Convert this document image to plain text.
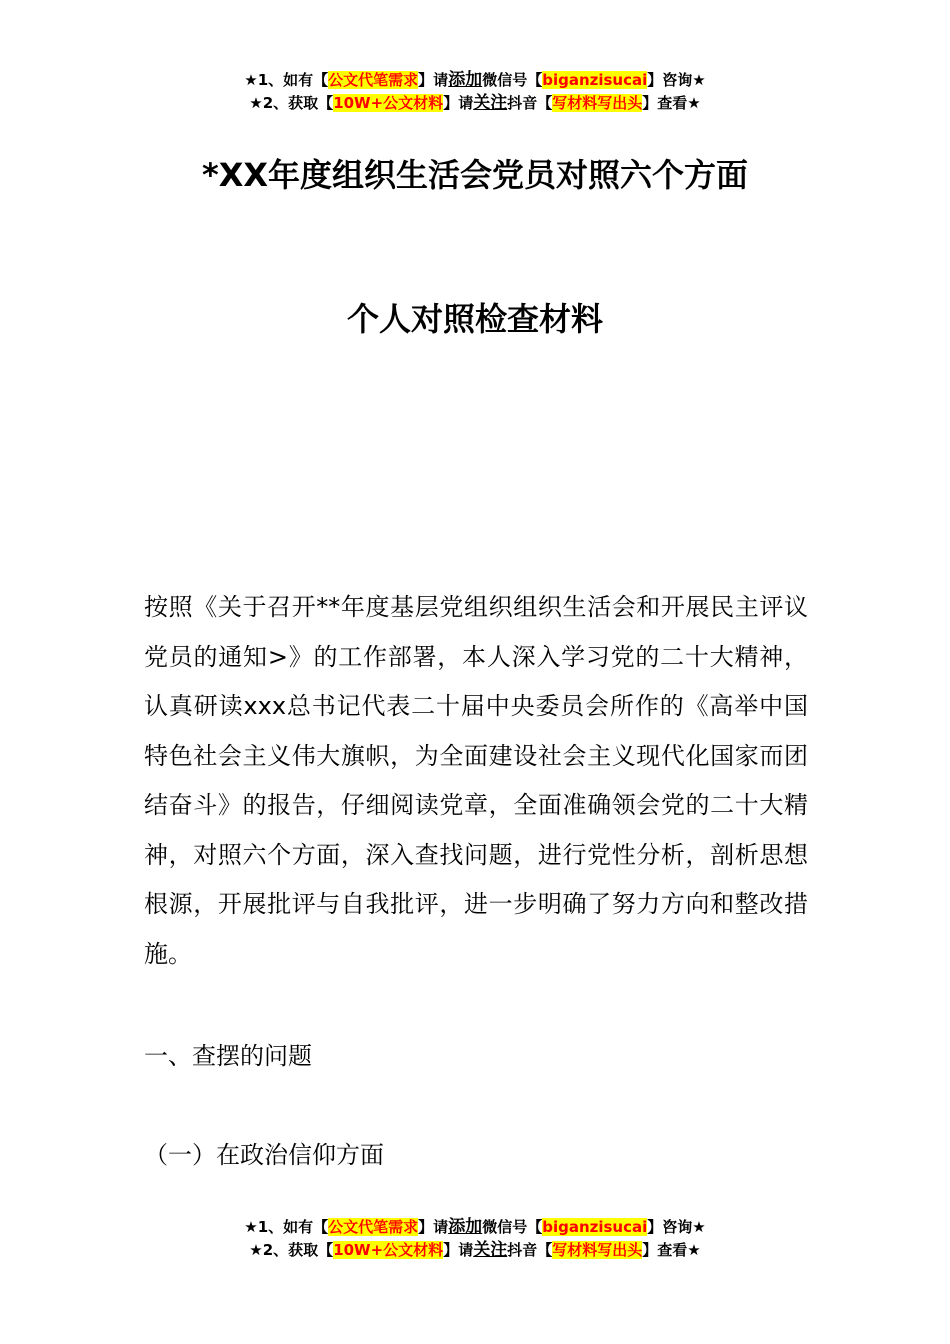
★1、如有【公文代笔需求】请添加微信号【biganzisucai】咨询★
★2、获取【10W+公文材料】请关注抖音【写材料写出头】查看★
*XX年度组织生活会党员对照六个方面
个人对照检查材料

按照《关于召开**年度基层党组织组织生活会和开展民主评议党员的通知>》的工作部署，本人深入学习党的二十大精神，认真研读xxx总书记代表二十届中央委员会所作的《高举中国特色社会主义伟大旗帜，为全面建设社会主义现代化国家而团结奋斗》的报告，仔细阅读党章，全面准确领会党的二十大精神，对照六个方面，深入查找问题，进行党性分析，剖析思想根源，开展批评与自我批评，进一步明确了努力方向和整改措施。

一、查摆的问题
（一）在政治信仰方面
★1、如有【公文代笔需求】请添加微信号【biganzisucai】咨询★
★2、获取【10W+公文材料】请关注抖音【写材料写出头】查看★
